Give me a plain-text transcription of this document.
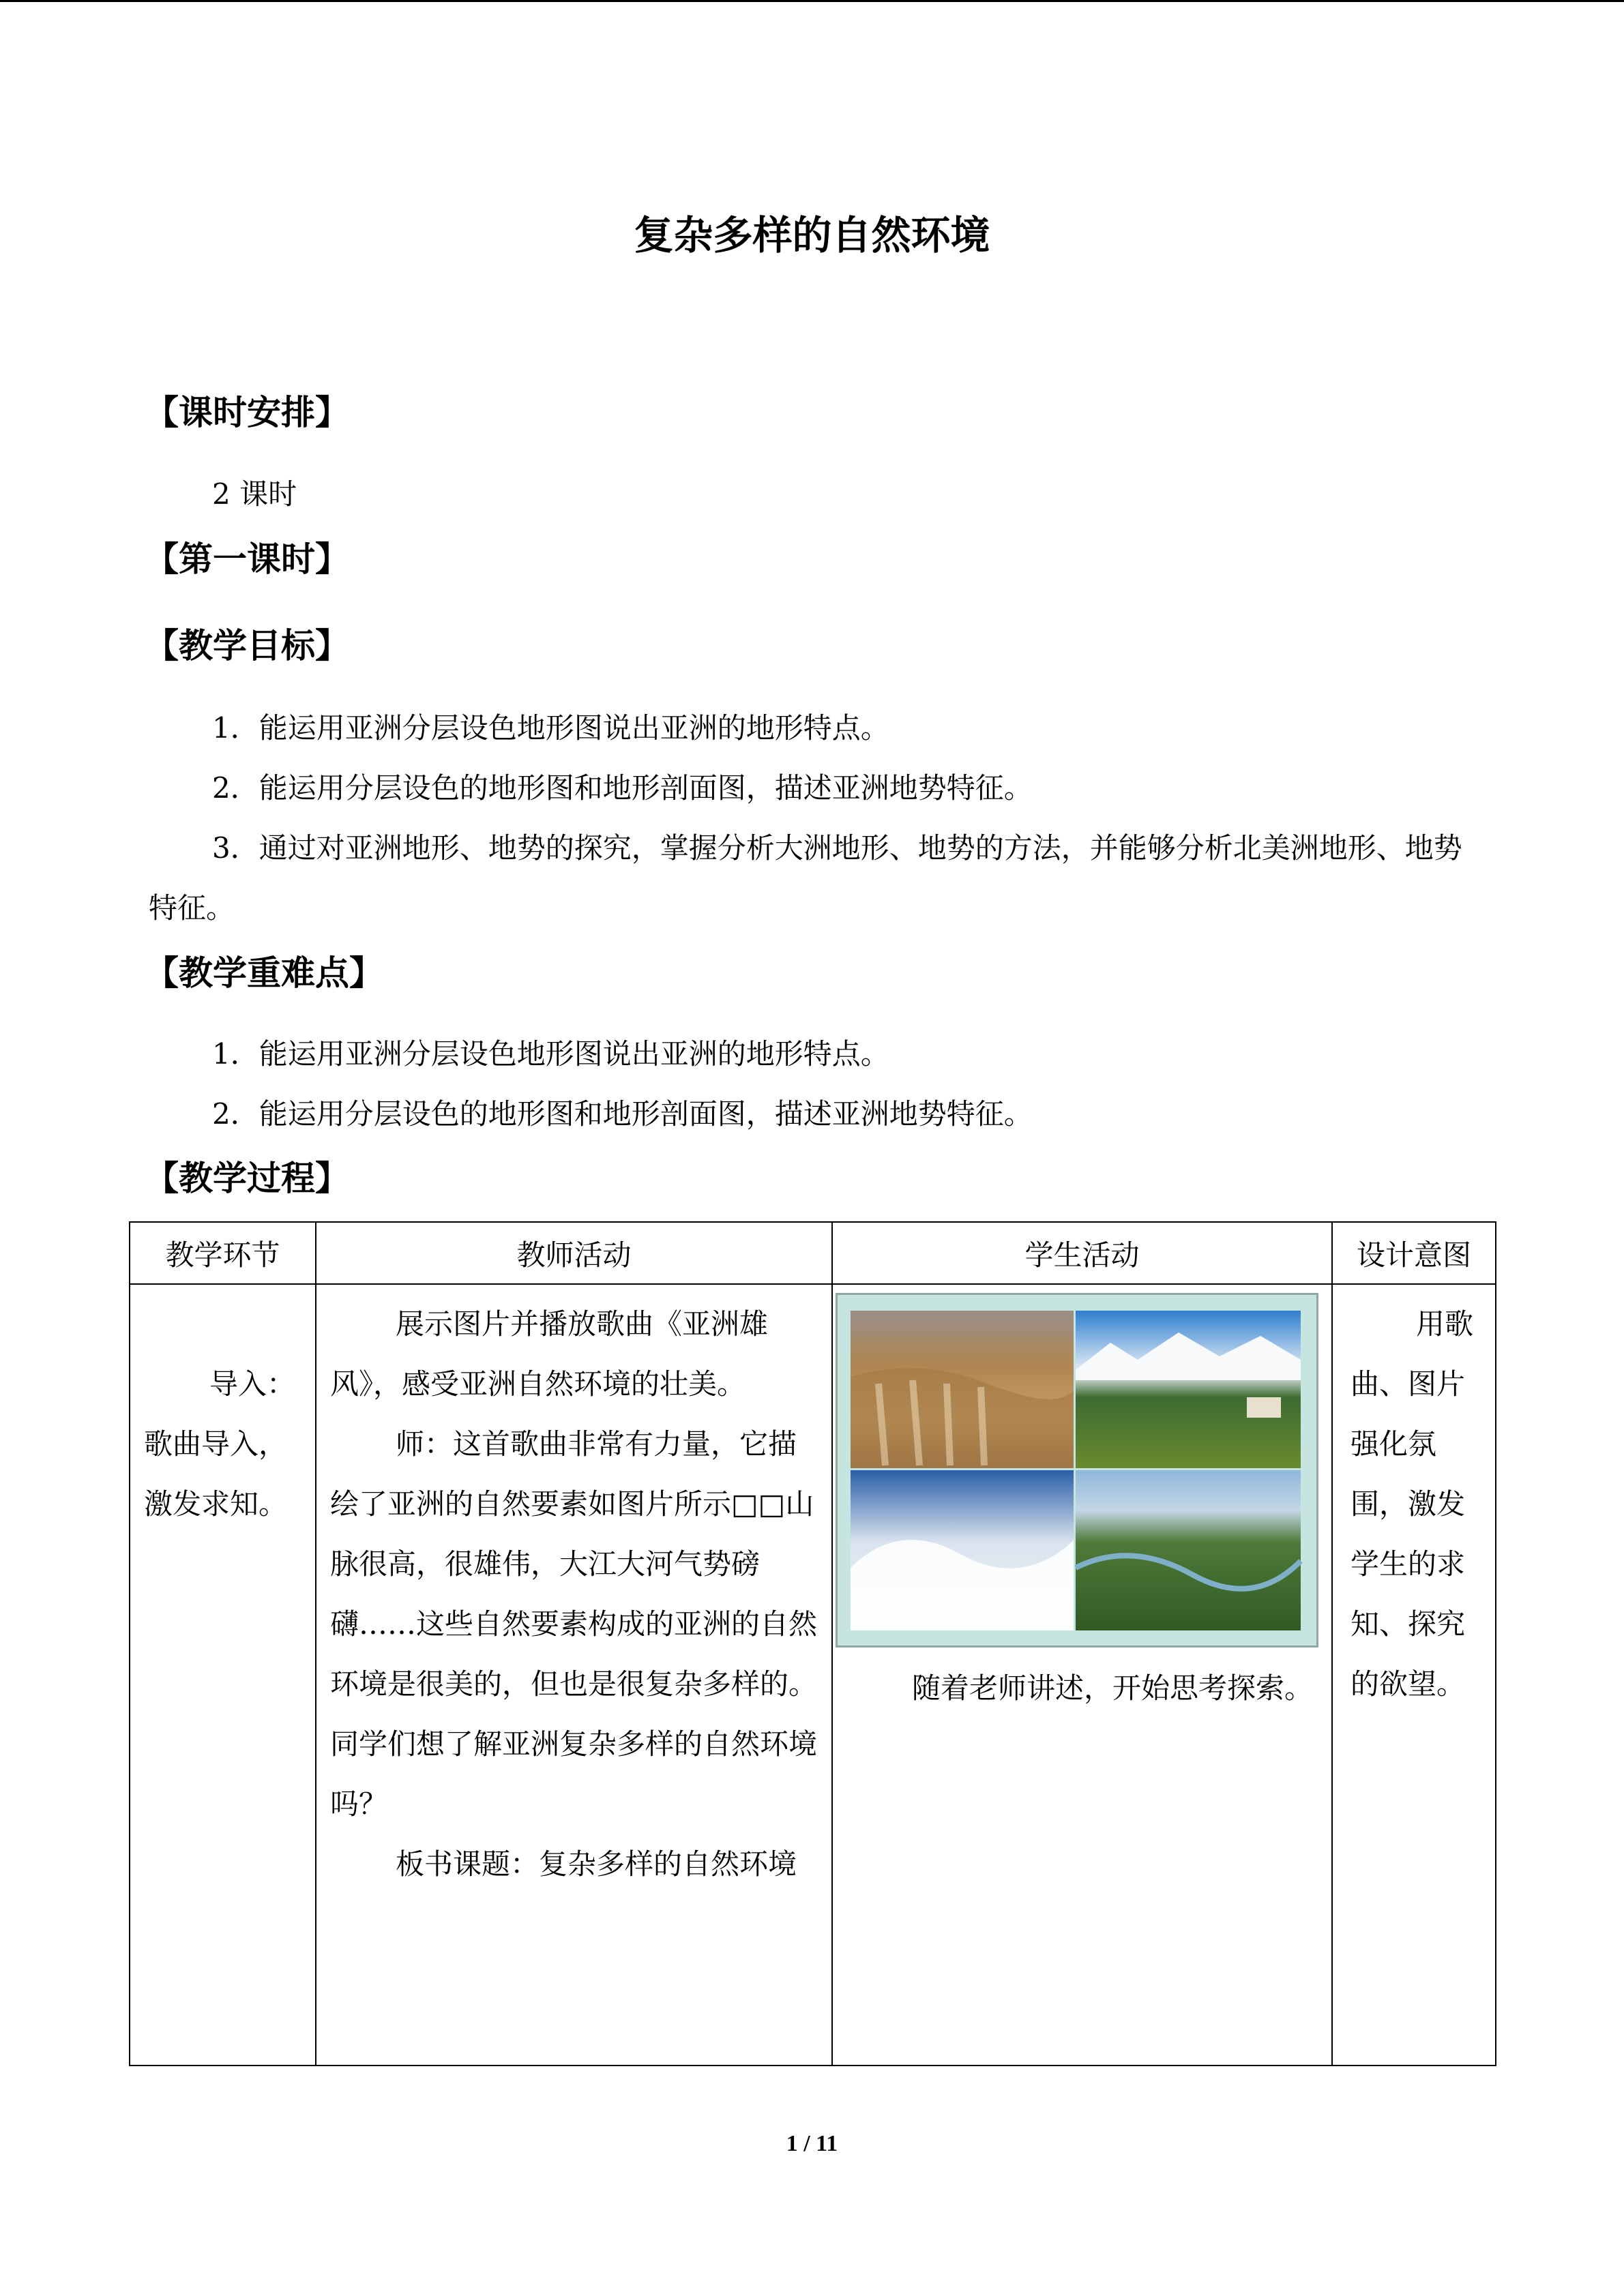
复杂多样的自然环境
【课时安排】
2 课时
【第一课时】
【教学目标】
1．能运用亚洲分层设色地形图说出亚洲的地形特点。
2．能运用分层设色的地形图和地形剖面图，描述亚洲地势特征。
3．通过对亚洲地形、地势的探究，掌握分析大洲地形、地势的方法，并能够分析北美洲地形、地势特征。
【教学重难点】
1．能运用亚洲分层设色地形图说出亚洲的地形特点。
2．能运用分层设色的地形图和地形剖面图，描述亚洲地势特征。
【教学过程】
教学环节	教师活动	学生活动	设计意图

导入：歌曲导入，激发求知。	展示图片并播放歌曲《亚洲雄风》，感受亚洲自然环境的壮美。

师：这首歌曲非常有力量，它描绘了亚洲的自然要素如图片所示□□山脉很高，很雄伟，大江大河气势磅礴……这些自然要素构成的亚洲的自然环境是很美的，但也是很复杂多样的。同学们想了解亚洲复杂多样的自然环境吗？

板书课题：复杂多样的自然环境	随着老师讲述，开始思考探索。	用歌曲、图片强化氛围，激发学生的求知、探究的欲望。
1 / 11
